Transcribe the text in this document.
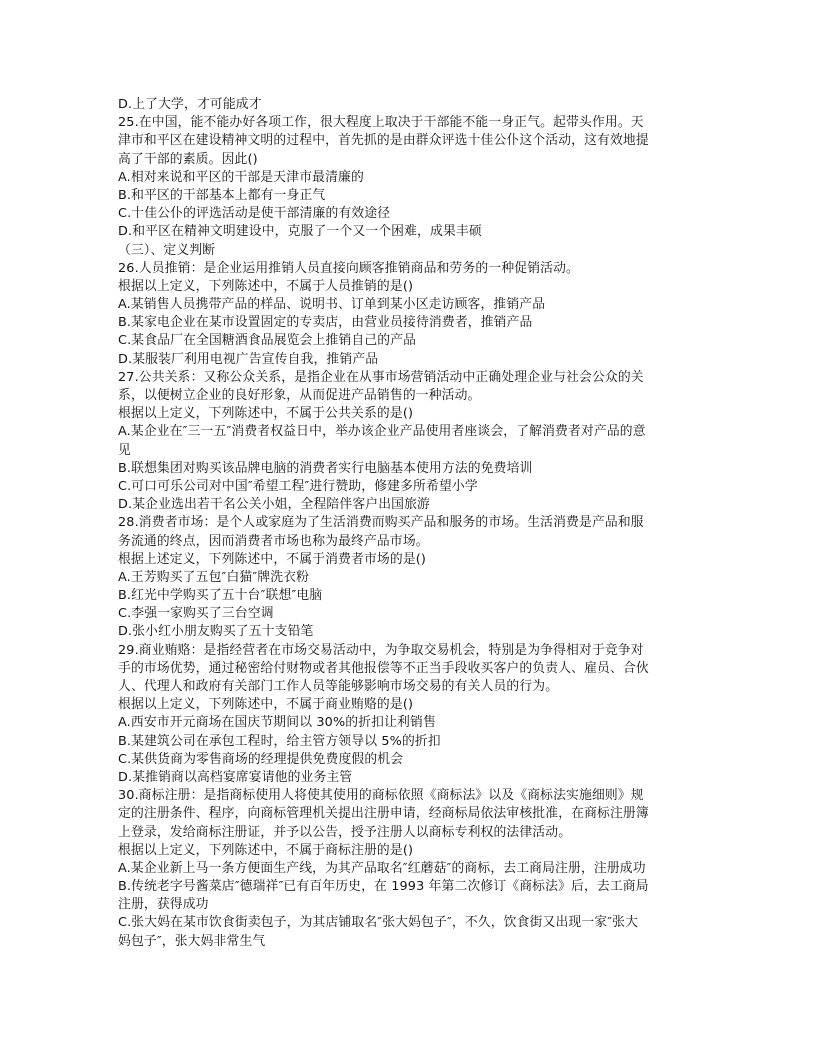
D.上了大学，才可能成才
25.在中国，能不能办好各项工作，很大程度上取决于干部能不能一身正气。起带头作用。天
津市和平区在建设精神文明的过程中，首先抓的是由群众评选十佳公仆这个活动，这有效地提
高了干部的素质。因此()
A.相对来说和平区的干部是天津市最清廉的
B.和平区的干部基本上都有一身正气
C.十佳公仆的评选活动是使干部清廉的有效途径
D.和平区在精神文明建设中，克服了一个又一个困难，成果丰硕
（三）、定义判断
26.人员推销：是企业运用推销人员直接向顾客推销商品和劳务的一种促销活动。
根据以上定义，下列陈述中，不属于人员推销的是()
A.某销售人员携带产品的样品、说明书、订单到某小区走访顾客，推销产品
B.某家电企业在某市设置固定的专卖店，由营业员接待消费者，推销产品
C.某食品厂在全国糖酒食品展览会上推销自己的产品
D.某服装厂利用电视广告宣传自我，推销产品
27.公共关系：又称公众关系，是指企业在从事市场营销活动中正确处理企业与社会公众的关
系，以便树立企业的良好形象，从而促进产品销售的一种活动。
根据以上定义，下列陈述中，不属于公共关系的是()
A.某企业在″三一五″消费者权益日中，举办该企业产品使用者座谈会，了解消费者对产品的意
见
B.联想集团对购买该品牌电脑的消费者实行电脑基本使用方法的免费培训
C.可口可乐公司对中国″希望工程″进行赞助，修建多所希望小学
D.某企业选出若干名公关小姐，全程陪伴客户出国旅游
28.消费者市场：是个人或家庭为了生活消费而购买产品和服务的市场。生活消费是产品和服
务流通的终点，因而消费者市场也称为最终产品市场。
根据上述定义，下列陈述中，不属于消费者市场的是()
A.王芳购买了五包″白猫″牌洗衣粉
B.红光中学购买了五十台″联想″电脑
C.李强一家购买了三台空调
D.张小红小朋友购买了五十支铅笔
29.商业贿赂：是指经营者在市场交易活动中，为争取交易机会，特别是为争得相对于竞争对
手的市场优势，通过秘密给付财物或者其他报偿等不正当手段收买客户的负责人、雇员、合伙
人、代理人和政府有关部门工作人员等能够影响市场交易的有关人员的行为。
根据以上定义，下列陈述中，不属于商业贿赂的是()
A.西安市开元商场在国庆节期间以 30%的折扣让利销售
B.某建筑公司在承包工程时，给主管方领导以 5%的折扣
C.某供货商为零售商场的经理提供免费度假的机会
D.某推销商以高档宴席宴请他的业务主管
30.商标注册：是指商标使用人将使其使用的商标依照《商标法》以及《商标法实施细则》规
定的注册条件、程序，向商标管理机关提出注册申请，经商标局依法审核批准，在商标注册簿
上登录，发给商标注册证，并予以公告，授予注册人以商标专利权的法律活动。
根据以上定义，下列陈述中，不属于商标注册的是()
A.某企业新上马一条方便面生产线，为其产品取名″红蘑菇″的商标，去工商局注册，注册成功
B.传统老字号酱菜店″德瑞祥″已有百年历史，在 1993 年第二次修订《商标法》后，去工商局
注册，获得成功
C.张大妈在某市饮食街卖包子，为其店铺取名″张大妈包子″，不久，饮食街又出现一家″张大
妈包子″，张大妈非常生气
